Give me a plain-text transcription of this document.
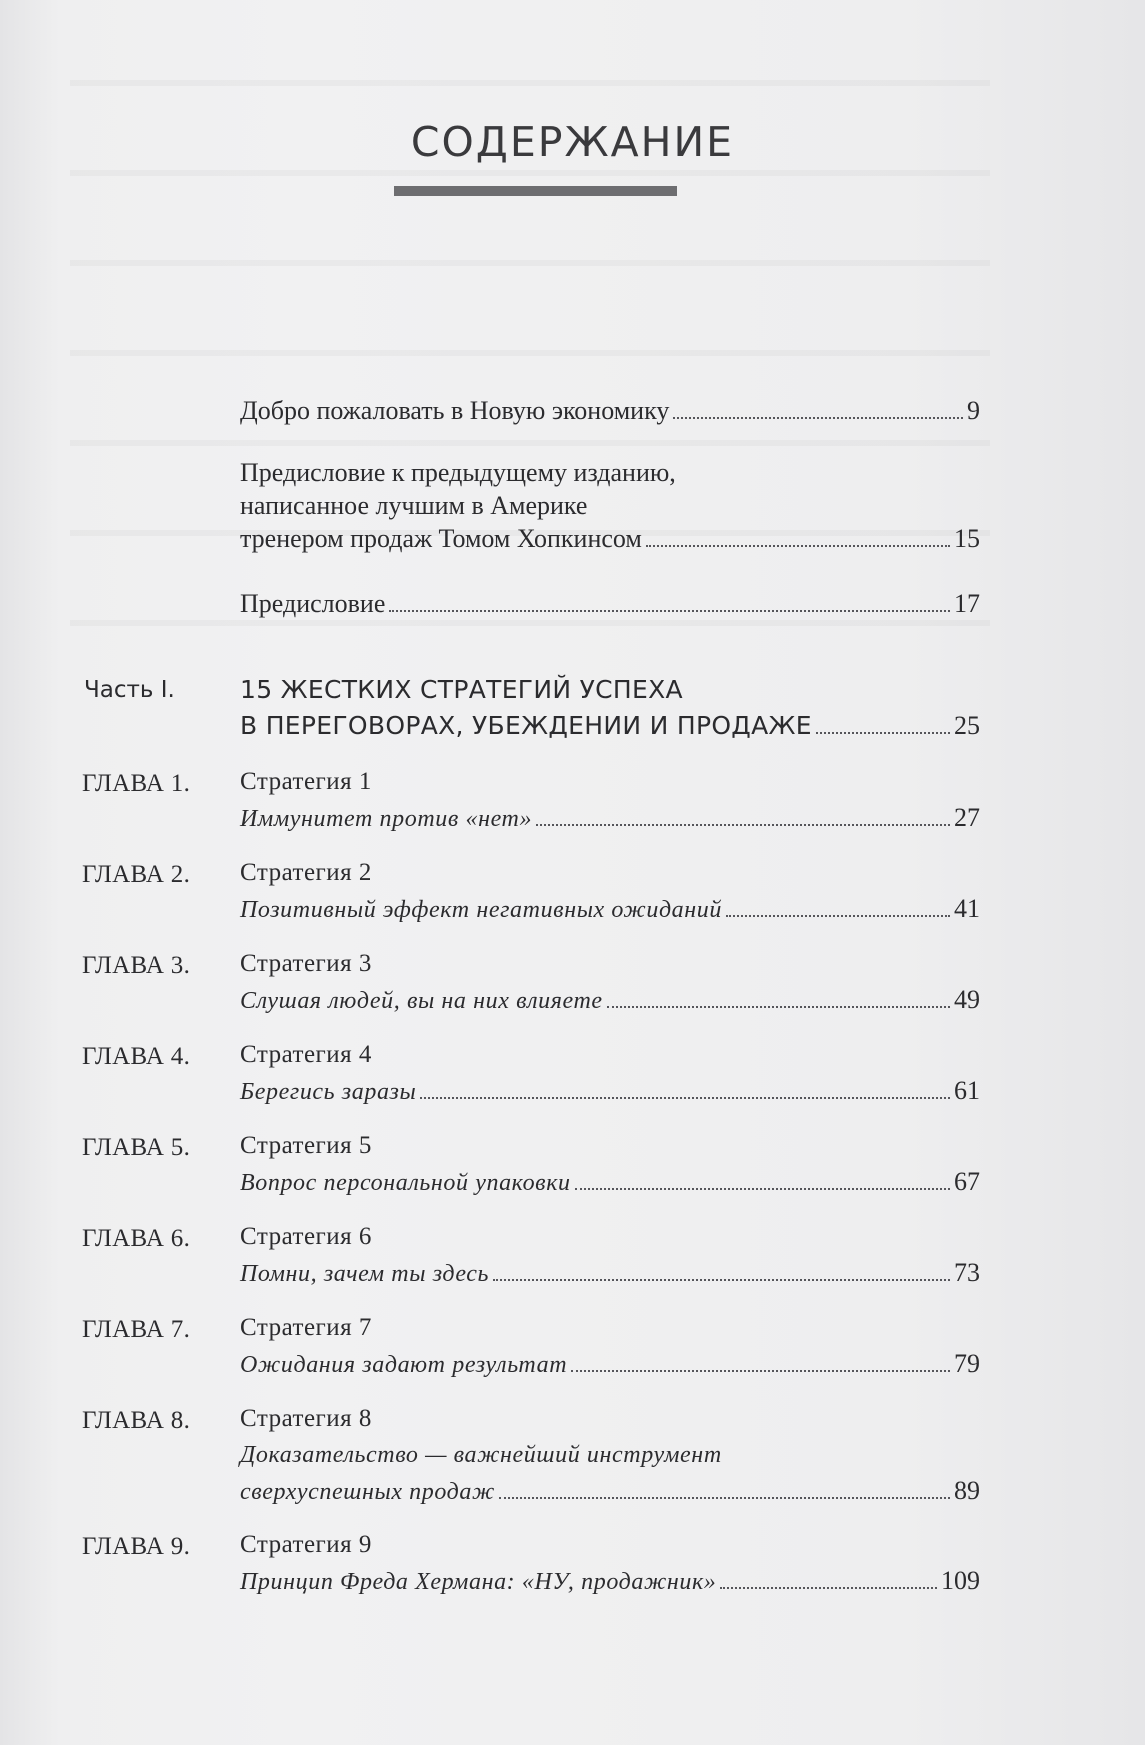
СОДЕРЖАНИЕ
Добро пожаловать в Новую экономику	9
Предисловие к предыдущему изданию,
написанное лучшим в Америке
тренером продаж Томом Хопкинсом	15
Предисловие	17
Часть I.	15 ЖЕСТКИХ СТРАТЕГИЙ УСПЕХА
В ПЕРЕГОВОРАХ, УБЕЖДЕНИИ И ПРОДАЖЕ	25
ГЛАВА 1. Стратегия 1
Иммунитет против «нет»	27
ГЛАВА 2. Стратегия 2
Позитивный эффект негативных ожиданий	41
ГЛАВА 3. Стратегия 3
Слушая людей, вы на них влияете	49
ГЛАВА 4. Стратегия 4
Берегись заразы	61
ГЛАВА 5. Стратегия 5
Вопрос персональной упаковки	67
ГЛАВА 6. Стратегия 6
Помни, зачем ты здесь	73
ГЛАВА 7. Стратегия 7
Ожидания задают результат	79
ГЛАВА 8. Стратегия 8
Доказательство — важнейший инструмент
сверхуспешных продаж	89
ГЛАВА 9. Стратегия 9
Принцип Фреда Хермана: «НУ, продажник»	109
